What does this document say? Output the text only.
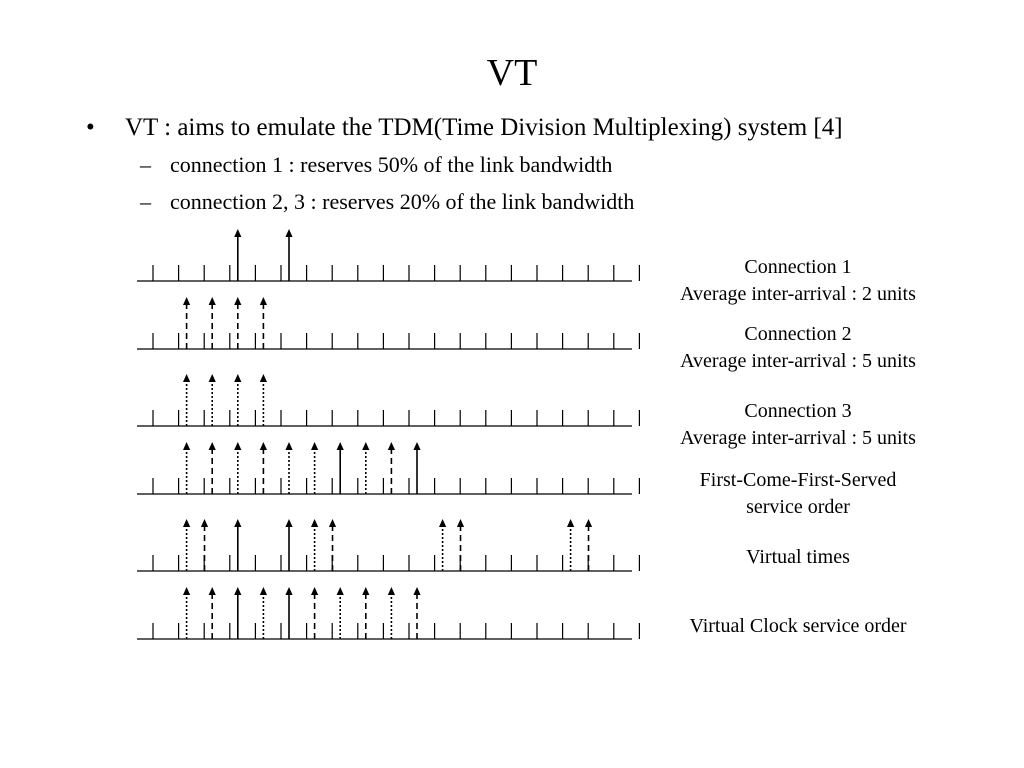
VT
• VT : aims to emulate the TDM(Time Division Multiplexing) system [4]
– connection 1 : reserves 50% of the link bandwidth
– connection 2, 3 : reserves 20% of the link bandwidth
Connection 1
Average inter-arrival : 2 units
Connection 2
Average inter-arrival : 5 units
Connection 3
Average inter-arrival : 5 units
First-Come-First-Served
service order
Virtual times
Virtual Clock service order
